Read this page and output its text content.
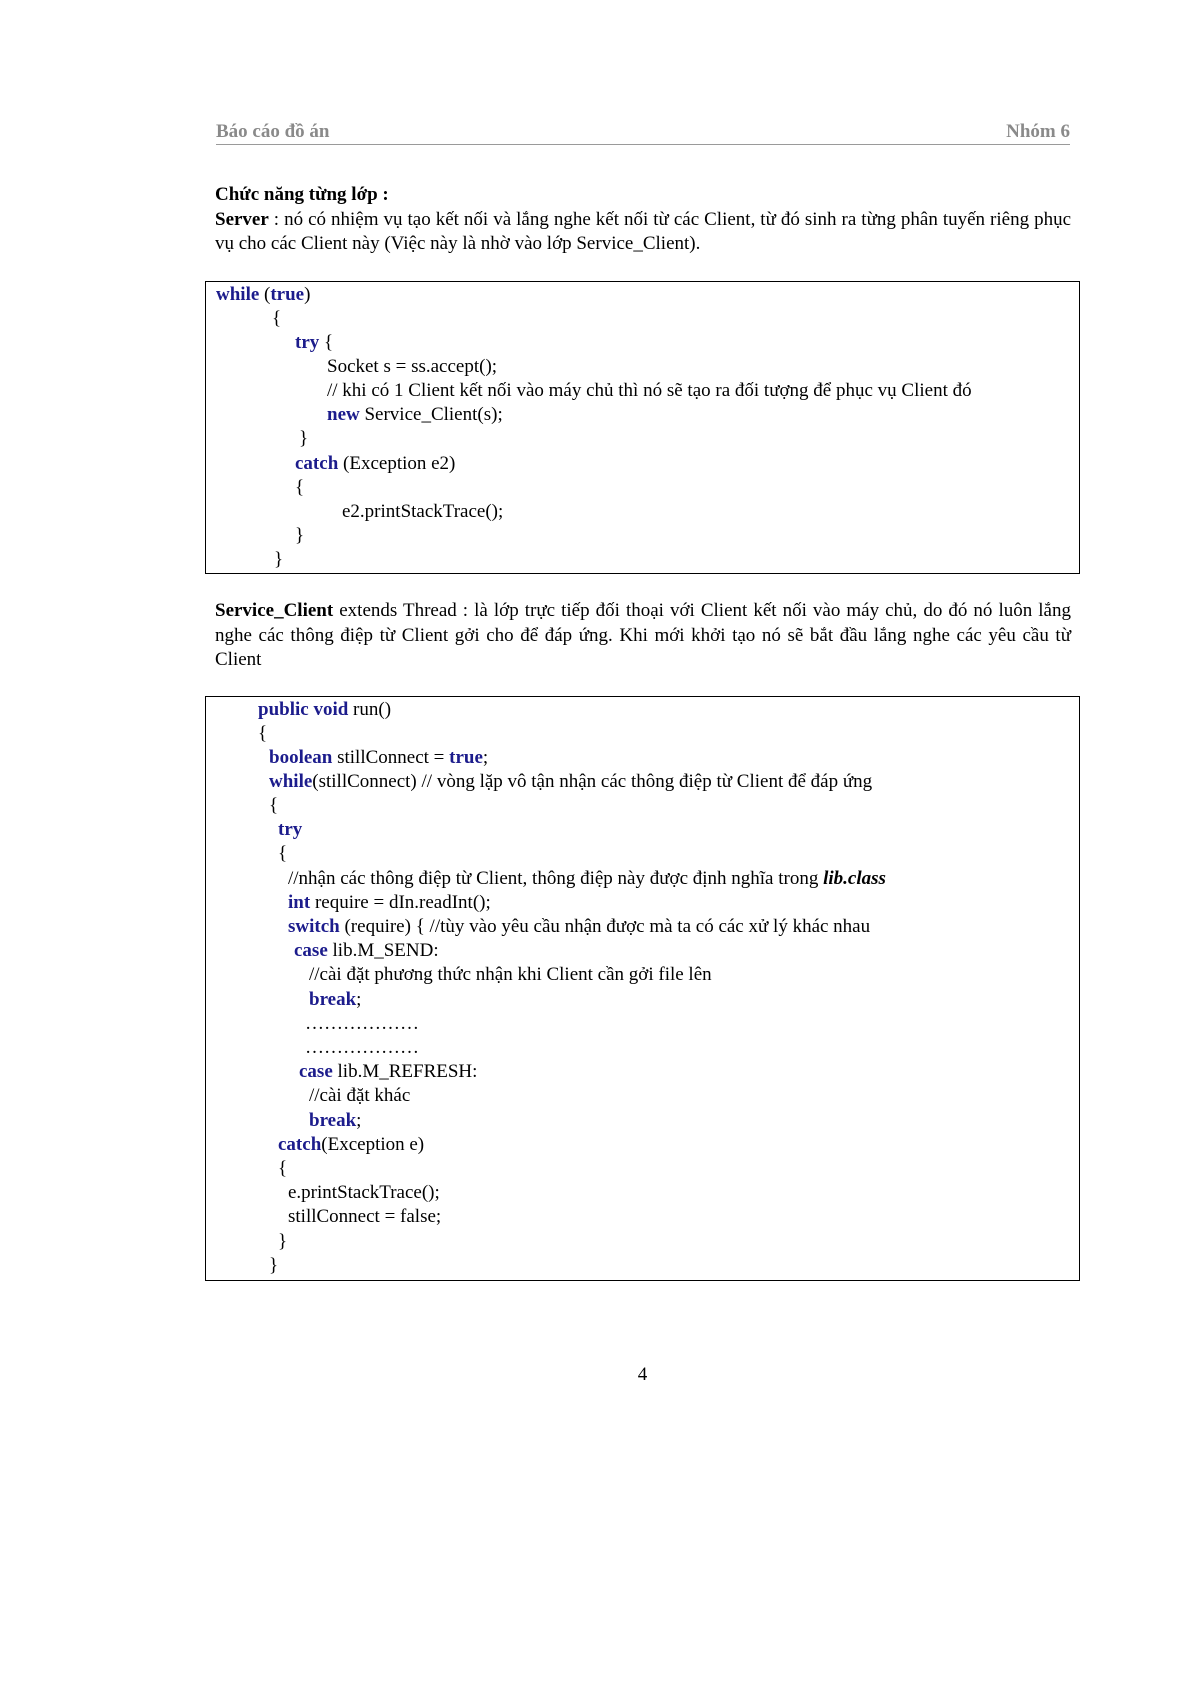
Báo cáo đồ án	Nhóm 6
Chức năng từng lớp :
Server : nó có nhiệm vụ tạo kết nối và lắng nghe kết nối từ các Client, từ đó sinh ra từng phân tuyến riêng phục vụ cho các Client này (Việc này là nhờ vào lớp Service_Client).
while (true)
{
try {
Socket s = ss.accept();
// khi có 1 Client kết nối vào máy chủ thì nó sẽ tạo ra đối tượng để phục vụ Client đó
new Service_Client(s);
}
catch (Exception e2)
{
e2.printStackTrace();
}
}
Service_Client extends Thread : là lớp trực tiếp đối thoại với Client kết nối vào máy chủ, do đó nó luôn lắng nghe các thông điệp từ Client gởi cho để đáp ứng. Khi mới khởi tạo nó sẽ bắt đầu lắng nghe các yêu cầu từ Client
public void run()
{
boolean stillConnect = true;
while(stillConnect) // vòng lặp vô tận nhận các thông điệp từ Client để đáp ứng
{
try
{
//nhận các thông điệp từ Client, thông điệp này được định nghĩa trong lib.class
int require = dIn.readInt();
switch (require) { //tùy vào yêu cầu nhận được mà ta có các xử lý khác nhau
case lib.M_SEND:
//cài đặt phương thức nhận khi Client cần gởi file lên
break;
………………
………………
case lib.M_REFRESH:
//cài đặt khác
break;
catch(Exception e)
{
e.printStackTrace();
stillConnect = false;
}
}
4
